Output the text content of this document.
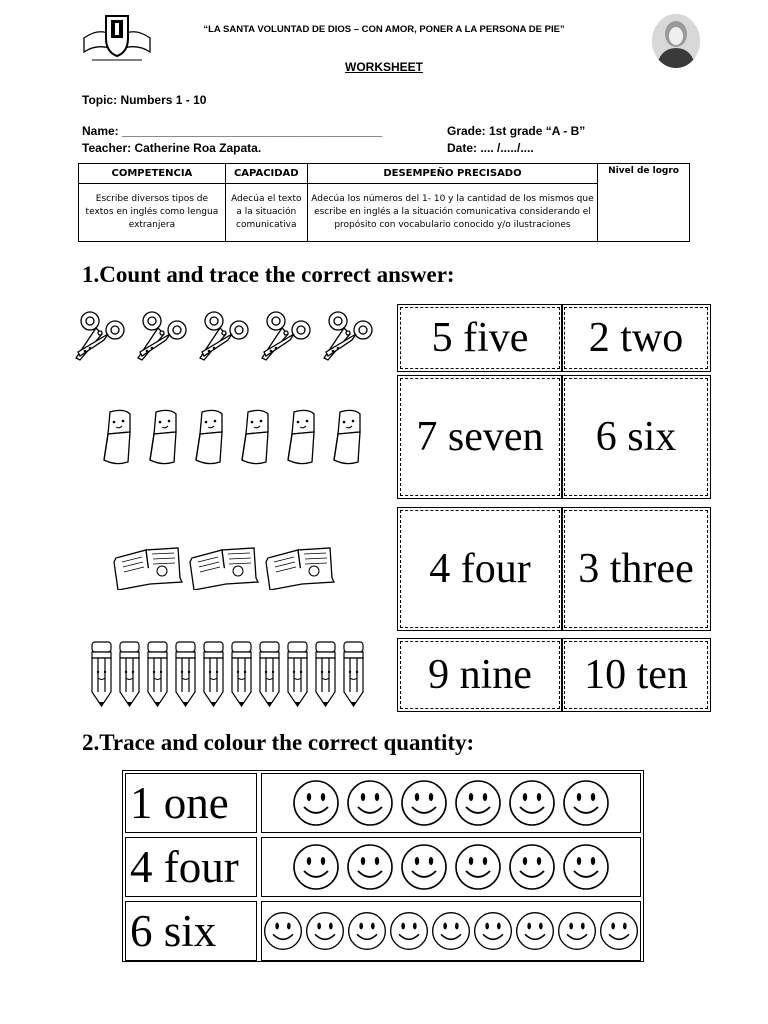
“LA SANTA VOLUNTAD DE DIOS – CON AMOR, PONER A LA PERSONA DE PIE”
WORKSHEET
Topic: Numbers 1 - 10
Name: _______________________________________
Teacher: Catherine Roa Zapata.
Grade: 1st grade “A - B”
Date: .... /...../....
COMPETENCIA	CAPACIDAD	DESEMPEÑO PRECISADO	Nivel de logro
Escribe diversos tipos de textos en inglés como lengua extranjera	Adecúa el texto a la situación comunicativa	Adecúa los números del 1- 10 y la cantidad de los mismos que escribe en inglés a la situación comunicativa considerando el propósito con vocabulario conocido y/o ilustraciones	
1.Count and trace the correct answer:
5 five	2 two
7 seven	6 six
4 four	3 three
9 nine	10 ten
2.Trace and colour the correct quantity:
1 one
4 four
6 six
